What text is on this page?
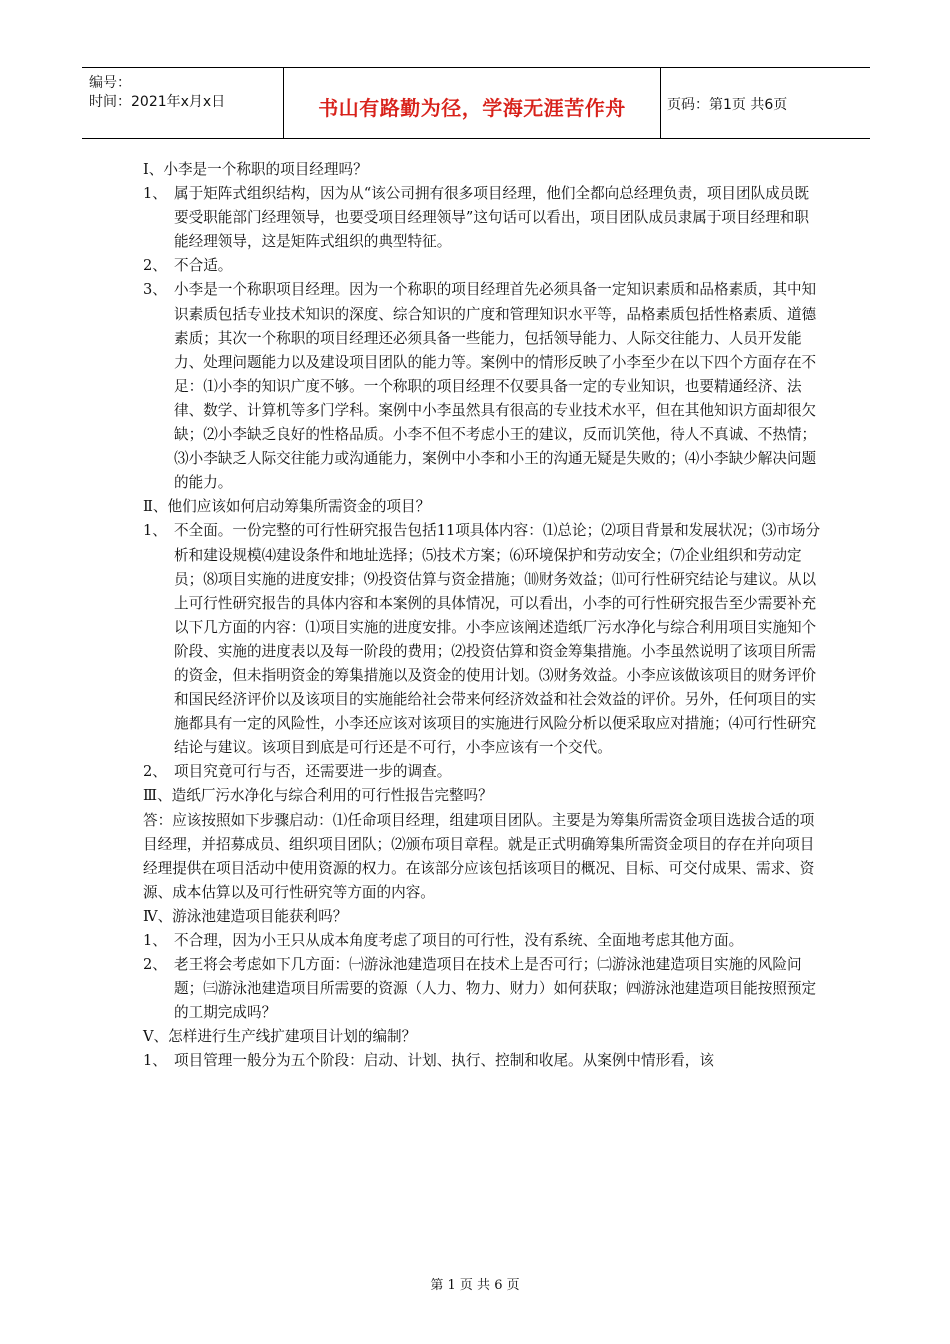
编号：
时间：2021年x月x日	书山有路勤为径，学海无涯苦作舟	页码：第1页 共6页

Ⅰ、小李是一个称职的项目经理吗？

1、 属于矩阵式组织结构，因为从“该公司拥有很多项目经理，他们全都向总经理负责，项目团队成员既要受职能部门经理领导，也要受项目经理领导”这句话可以看出，项目团队成员隶属于项目经理和职能经理领导，这是矩阵式组织的典型特征。
2、 不合适。
3、 小李是一个称职项目经理。因为一个称职的项目经理首先必须具备一定知识素质和品格素质，其中知识素质包括专业技术知识的深度、综合知识的广度和管理知识水平等，品格素质包括性格素质、道德素质；其次一个称职的项目经理还必须具备一些能力，包括领导能力、人际交往能力、人员开发能力、处理问题能力以及建设项目团队的能力等。案例中的情形反映了小李至少在以下四个方面存在不足：⑴小李的知识广度不够。一个称职的项目经理不仅要具备一定的专业知识，也要精通经济、法律、数学、计算机等多门学科。案例中小李虽然具有很高的专业技术水平，但在其他知识方面却很欠缺；⑵小李缺乏良好的性格品质。小李不但不考虑小王的建议，反而讥笑他，待人不真诚、不热情；⑶小李缺乏人际交往能力或沟通能力，案例中小李和小王的沟通无疑是失败的；⑷小李缺少解决问题的能力。

Ⅱ、他们应该如何启动筹集所需资金的项目？

1、 不全面。一份完整的可行性研究报告包括11项具体内容：⑴总论；⑵项目背景和发展状况；⑶市场分析和建设规模⑷建设条件和地址选择；⑸技术方案；⑹环境保护和劳动安全；⑺企业组织和劳动定员；⑻项目实施的进度安排；⑼投资估算与资金措施；⑽财务效益；⑾可行性研究结论与建议。从以上可行性研究报告的具体内容和本案例的具体情况，可以看出，小李的可行性研究报告至少需要补充以下几方面的内容：⑴项目实施的进度安排。小李应该阐述造纸厂污水净化与综合利用项目实施知个阶段、实施的进度表以及每一阶段的费用；⑵投资估算和资金筹集措施。小李虽然说明了该项目所需的资金，但未指明资金的筹集措施以及资金的使用计划。⑶财务效益。小李应该做该项目的财务评价和国民经济评价以及该项目的实施能给社会带来何经济效益和社会效益的评价。另外，任何项目的实施都具有一定的风险性，小李还应该对该项目的实施进行风险分析以便采取应对措施；⑷可行性研究结论与建议。该项目到底是可行还是不可行，小李应该有一个交代。
2、 项目究竟可行与否，还需要进一步的调查。

Ⅲ、造纸厂污水净化与综合利用的可行性报告完整吗？

答：应该按照如下步骤启动：⑴任命项目经理，组建项目团队。主要是为筹集所需资金项目选拔合适的项目经理，并招募成员、组织项目团队；⑵颁布项目章程。就是正式明确筹集所需资金项目的存在并向项目经理提供在项目活动中使用资源的权力。在该部分应该包括该项目的概况、目标、可交付成果、需求、资源、成本估算以及可行性研究等方面的内容。

Ⅳ、游泳池建造项目能获利吗？

1、 不合理，因为小王只从成本角度考虑了项目的可行性，没有系统、全面地考虑其他方面。
2、 老王将会考虑如下几方面：㈠游泳池建造项目在技术上是否可行；㈡游泳池建造项目实施的风险问题；㈢游泳池建造项目所需要的资源（人力、物力、财力）如何获取；㈣游泳池建造项目能按照预定的工期完成吗？

Ⅴ、怎样进行生产线扩建项目计划的编制？

1、 项目管理一般分为五个阶段：启动、计划、执行、控制和收尾。从案例中情形看，该
第 1 页 共 6 页
